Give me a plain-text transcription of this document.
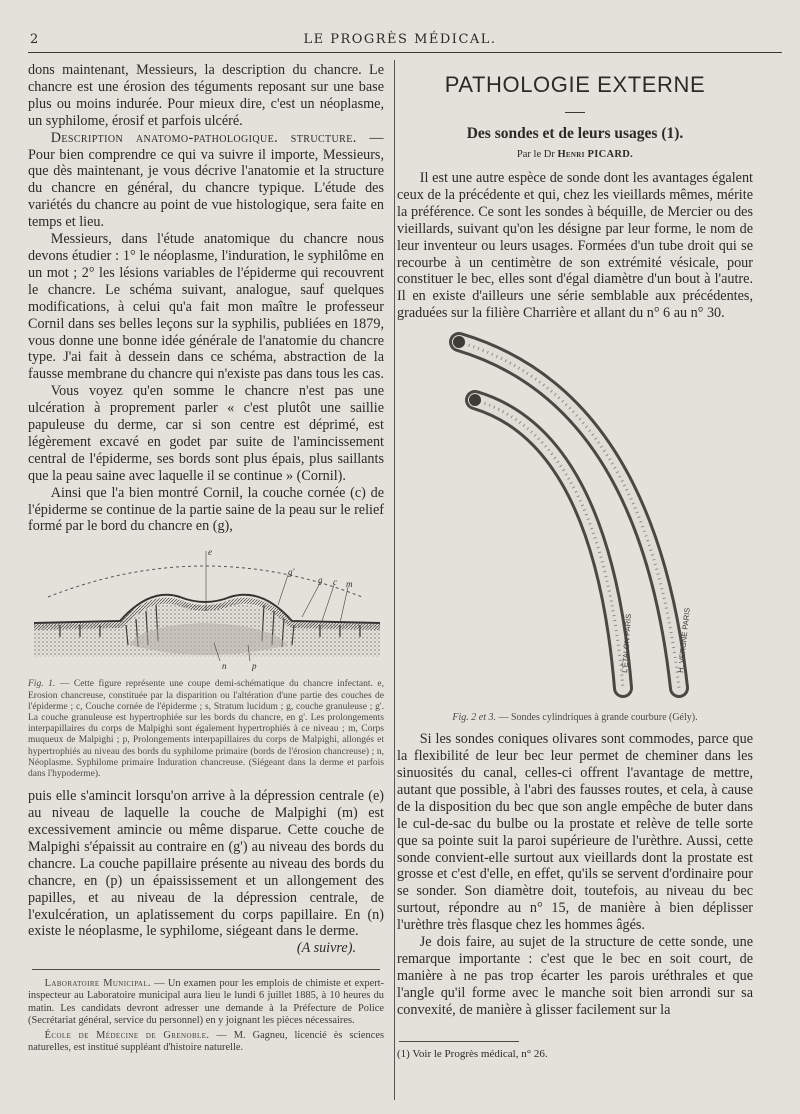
2	LE PROGRÈS MÉDICAL.

dons maintenant, Messieurs, la description du chancre. Le chancre est une érosion des téguments reposant sur une base plus ou moins indurée. Pour mieux dire, c'est un néoplasme, un syphilome, érosif et parfois ulcéré.

Description anatomo-pathologique. structure. — Pour bien comprendre ce qui va suivre il importe, Messieurs, que dès maintenant, je vous décrive l'anatomie et la structure du chancre en général, du chancre typique. L'étude des variétés du chancre au point de vue histologique, sera faite en temps et lieu.

Messieurs, dans l'étude anatomique du chancre nous devons étudier : 1° le néoplasme, l'induration, le syphilôme en un mot ; 2° les lésions variables de l'épiderme qui recouvrent le chancre. Le schéma suivant, analogue, sauf quelques modifications, à celui qu'a fait mon maître le professeur Cornil dans ses belles leçons sur la syphilis, publiées en 1879, vous donne une bonne idée générale de l'anatomie du chancre type. J'ai fait à dessein dans ce schéma, abstraction de la fausse membrane du chancre qui n'existe pas dans tous les cas.

Vous voyez qu'en somme le chancre n'est pas une ulcération à proprement parler « c'est plutôt une saillie papuleuse du derme, car si son centre est déprimé, est légèrement excavé en godet par suite de l'amincissement central de l'épiderme, ses bords sont plus épais, plus saillants que la peau saine avec laquelle il se continue » (Cornil).

Ainsi que l'a bien montré Cornil, la couche cornée (c) de l'épiderme se continue de la partie saine de la peau sur le relief formé par le bord du chancre en (g),

e
g'
g c m
n	p

Fig. 1. — Cette figure représente une coupe demi-schématique du chancre infectant. e, Erosion chancreuse, constituée par la disparition ou l'altération d'une partie des couches de l'épiderme ; c, Couche cornée de l'épiderme ; s, Stratum lucidum ; g, couche granuleuse ; g'. La couche granuleuse est hypertrophiée sur les bords du chancre, en g'. Les prolongements interpapillaires du corps de Malpighi sont également hypertrophiés à ce niveau ; m, Corps muqueux de Malpighi ; p, Prolongements interpapillaires du corps de Malpighi, allongés et hypertrophiés au niveau des bords du syphilome primaire (bords de l'érosion chancreuse) ; n, Néoplasme. Syphilome primaire Induration chancreuse. (Siégeant dans la derme et parfois dans l'hypoderme).

puis elle s'amincit lorsqu'on arrive à la dépression centrale (e) au niveau de laquelle la couche de Malpighi (m) est excessivement amincie ou même disparue. Cette couche de Malpighi s'épaissit au contraire en (g') au niveau des bords du chancre. La couche papillaire présente au niveau des bords du chancre, en (p) un épaississement et un allongement des papilles, et au niveau de la dépression centrale, de l'exulcération, un aplatissement du corps papillaire. En (n) existe le néoplasme, le syphilome, siégeant dans le derme.

(A suivre).

Laboratoire Municipal. — Un examen pour les emplois de chimiste et expert-inspecteur au Laboratoire municipal aura lieu le lundi 6 juillet 1885, à 10 heures du matin. Les candidats devront adresser une demande à la Préfecture de Police (Secrétariat général, service du personnel) en y joignant les pièces nécessaires.

École de Médecine de Grenoble. — M. Gagneu, licencié ès sciences naturelles, est institué suppléant d'histoire naturelle.

PATHOLOGIE EXTERNE
Des sondes et de leurs usages (1).
Par le Dr Henri PICARD.

Il est une autre espèce de sonde dont les avantages égalent ceux de la précédente et qui, chez les vieillards mêmes, mérite la préférence. Ce sont les sondes à béquille, de Mercier ou des vieillards, suivant qu'on les désigne par leur forme, le nom de leur inventeur ou leurs usages. Formées d'un tube droit qui se recourbe à un centimètre de son extrémité vésicale, pour constituer le bec, elles sont d'égal diamètre d'un bout à l'autre. Il en existe d'ailleurs une série semblable aux précédentes, graduées sur la filière Charrière et allant du n° 6 au n° 30.

L'ÉTALON PARIS	H. VERGNE PARIS

Fig. 2 et 3. — Sondes cylindriques à grande courbure (Gély).

Si les sondes coniques olivares sont commodes, parce que la flexibilité de leur bec leur permet de cheminer dans les sinuosités du canal, celles-ci offrent l'avantage de mettre, autant que possible, à l'abri des fausses routes, et cela, à cause de la disposition du bec que son angle empêche de buter dans le cul-de-sac du bulbe ou la prostate et relève de telle sorte que sa pointe suit la paroi supérieure de l'urèthre. Aussi, cette sonde convient-elle surtout aux vieillards dont la prostate est grosse et c'est d'elle, en effet, qu'ils se servent d'ordinaire pour se sonder. Son diamètre doit, toutefois, au niveau du bec surtout, répondre au n° 15, de manière à bien déplisser l'urèthre très flasque chez les hommes âgés.

Je dois faire, au sujet de la structure de cette sonde, une remarque importante : c'est que le bec en soit court, de manière à ne pas trop écarter les parois uréthrales et que l'angle qu'il forme avec le manche soit bien arrondi sur sa convexité, de manière à glisser facilement sur la

(1) Voir le Progrès médical, n° 26.
